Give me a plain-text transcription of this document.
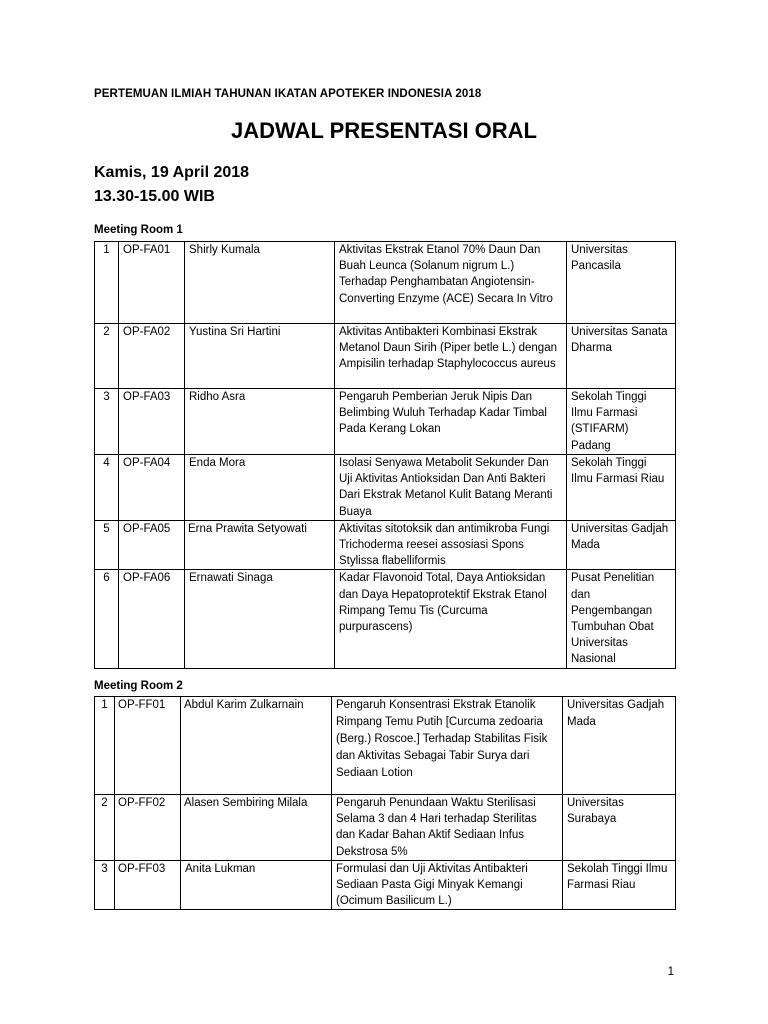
PERTEMUAN ILMIAH TAHUNAN IKATAN APOTEKER INDONESIA 2018
JADWAL PRESENTASI ORAL
Kamis, 19 April 2018
13.30-15.00 WIB
Meeting Room 1
1	OP-FA01	Shirly Kumala	Aktivitas Ekstrak Etanol 70% Daun Dan Buah Leunca (Solanum nigrum L.) Terhadap Penghambatan Angiotensin-Converting Enzyme (ACE) Secara In Vitro	Universitas Pancasila
2	OP-FA02	Yustina Sri Hartini	Aktivitas Antibakteri Kombinasi Ekstrak Metanol Daun Sirih (Piper betle L.) dengan Ampisilin terhadap Staphylococcus aureus	Universitas Sanata Dharma
3	OP-FA03	Ridho Asra	Pengaruh Pemberian Jeruk Nipis Dan Belimbing Wuluh Terhadap Kadar Timbal Pada Kerang Lokan	Sekolah Tinggi Ilmu Farmasi (STIFARM) Padang
4	OP-FA04	Enda Mora	Isolasi Senyawa Metabolit Sekunder Dan Uji Aktivitas Antioksidan Dan Anti Bakteri Dari Ekstrak Metanol Kulit Batang Meranti Buaya	Sekolah Tinggi Ilmu Farmasi Riau
5	OP-FA05	Erna Prawita Setyowati	Aktivitas sitotoksik dan antimikroba Fungi Trichoderma reesei assosiasi Spons Stylissa flabelliformis	Universitas Gadjah Mada
6	OP-FA06	Ernawati Sinaga	Kadar Flavonoid Total, Daya Antioksidan dan Daya Hepatoprotektif Ekstrak Etanol Rimpang Temu Tis (Curcuma purpurascens)	Pusat Penelitian dan Pengembangan Tumbuhan Obat Universitas Nasional
Meeting Room 2
1	OP-FF01	Abdul Karim Zulkarnain	Pengaruh Konsentrasi Ekstrak Etanolik Rimpang Temu Putih [Curcuma zedoaria (Berg.) Roscoe.] Terhadap Stabilitas Fisik dan Aktivitas Sebagai Tabir Surya dari Sediaan Lotion	Universitas Gadjah Mada
2	OP-FF02	Alasen Sembiring Milala	Pengaruh Penundaan Waktu Sterilisasi Selama 3 dan 4 Hari terhadap Sterilitas dan Kadar Bahan Aktif Sediaan Infus Dekstrosa 5%	Universitas Surabaya
3	OP-FF03	Anita Lukman	Formulasi dan Uji Aktivitas Antibakteri Sediaan Pasta Gigi Minyak Kemangi (Ocimum Basilicum L.)	Sekolah Tinggi Ilmu Farmasi Riau
1
